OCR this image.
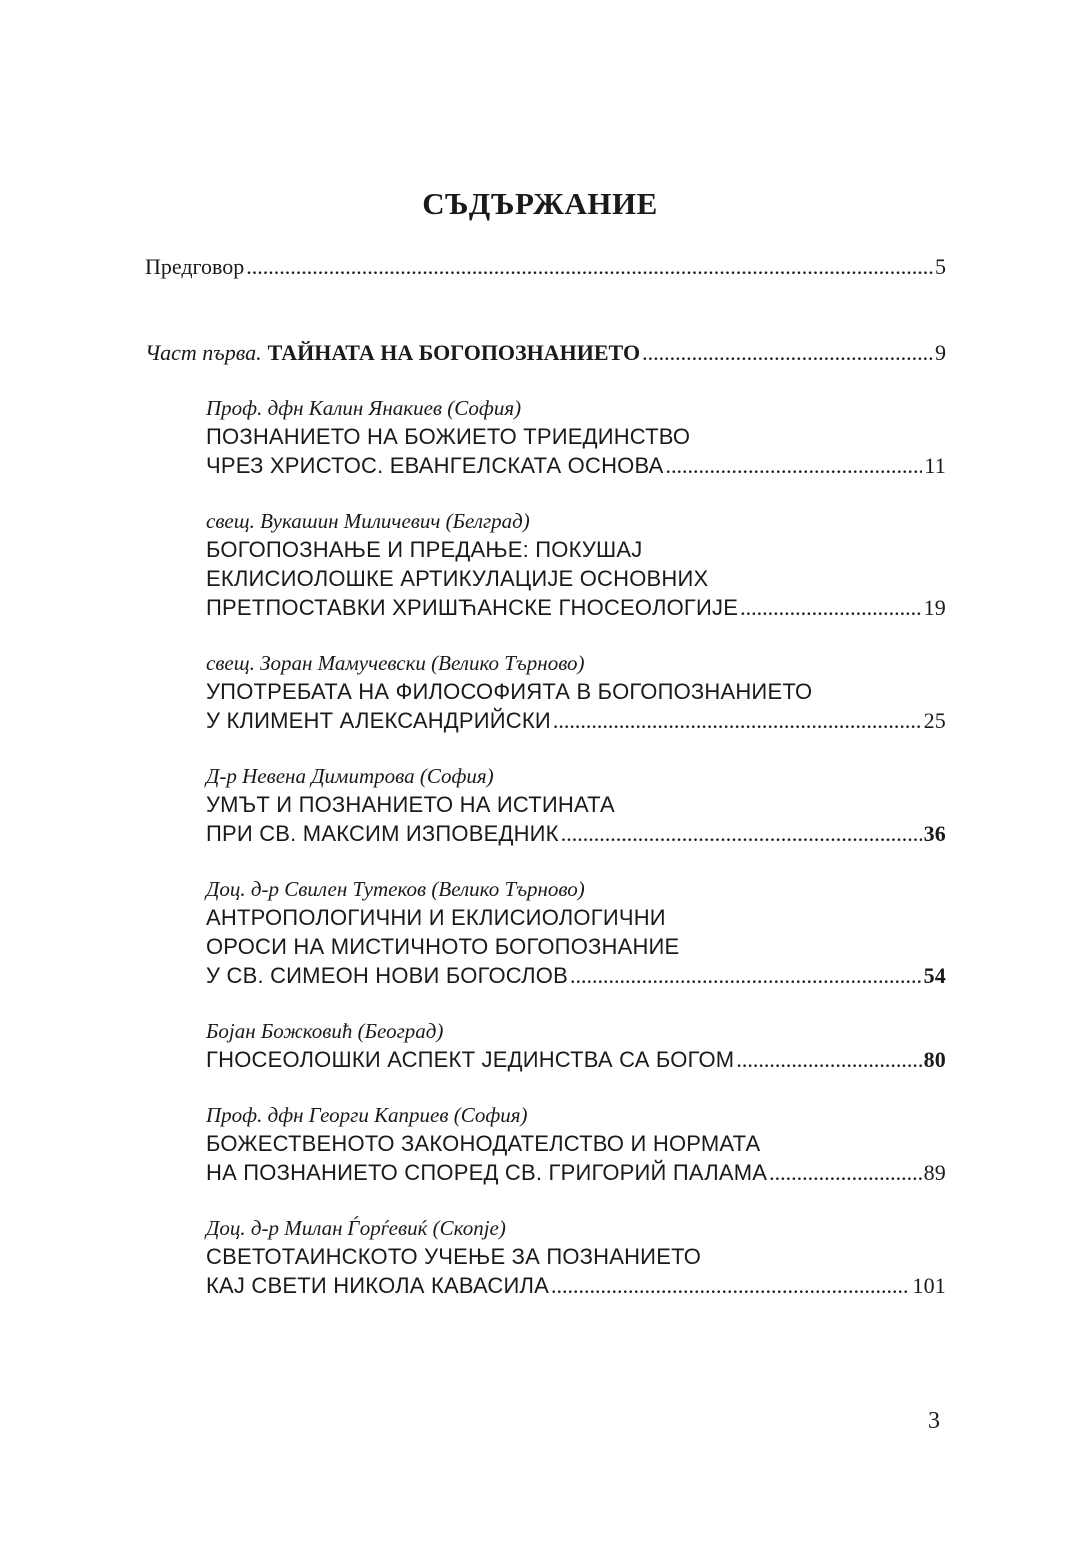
СЪДЪРЖАНИЕ
Предговор .....	5
Част първа. ТАЙНАТА НА БОГОПОЗНАНИЕТО .....	9
Проф. дфн Калин Янакиев (София)
ПОЗНАНИЕТО НА БОЖИЕТО ТРИЕДИНСТВО
ЧРЕЗ ХРИСТОС. ЕВАНГЕЛСКАТА ОСНОВА .....	11
свещ. Вукашин Миличевич (Белград)
БОГОПОЗНАЊЕ И ПРЕДАЊЕ: ПОКУШАЈ
ЕКЛИСИОЛОШКЕ АРТИКУЛАЦИЈЕ ОСНОВНИХ
ПРЕТПОСТАВКИ ХРИШЋАНСКЕ ГНОСЕОЛОГИЈЕ .....	19
свещ. Зоран Мамучевски (Велико Търново)
УПОТРЕБАТА НА ФИЛОСОФИЯТА В БОГОПОЗНАНИЕТО
У КЛИМЕНТ АЛЕКСАНДРИЙСКИ .....	25
Д-р Невена Димитрова (София)
УМЪТ И ПОЗНАНИЕТО НА ИСТИНАТА
ПРИ СВ. МАКСИМ ИЗПОВЕДНИК .....	36
Доц. д-р Свилен Тутеков (Велико Търново)
АНТРОПОЛОГИЧНИ И ЕКЛИСИОЛОГИЧНИ
ОРОСИ НА МИСТИЧНОТО БОГОПОЗНАНИЕ
У СВ. СИМЕОН НОВИ БОГОСЛОВ .....	54
Бојан Божковић (Београд)
ГНОСЕОЛОШКИ АСПЕКТ ЈЕДИНСТВА СА БОГОМ .....	80
Проф. дфн Георги Каприев (София)
БОЖЕСТВЕНОТО ЗАКОНОДАТЕЛСТВО И НОРМАТА
НА ПОЗНАНИЕТО СПОРЕД СВ. ГРИГОРИЙ ПАЛАМА .....	89
Доц. д-р Милан Ѓорѓевиќ (Скопје)
СВЕТОТАИНСКОТО УЧЕЊЕ ЗА ПОЗНАНИЕТО
КАЈ СВЕТИ НИКОЛА КАВАСИЛА .....	101
3
